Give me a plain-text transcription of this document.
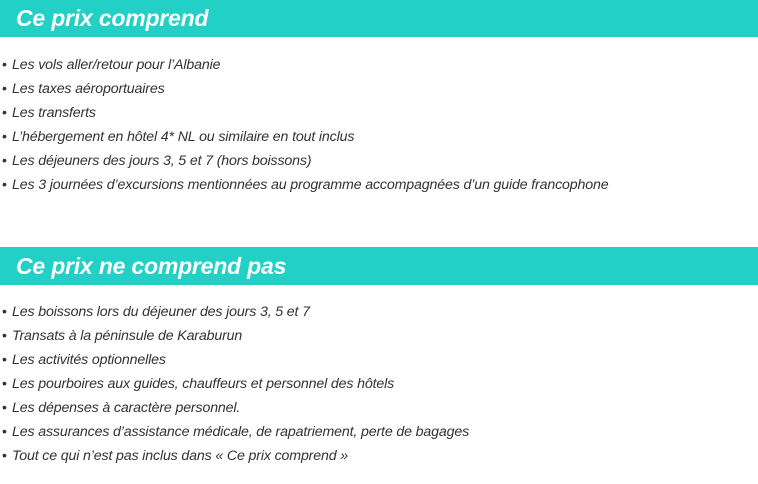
Ce prix comprend
• Les vols aller/retour pour l’Albanie
• Les taxes aéroportuaires
• Les transferts
• L’hébergement en hôtel 4* NL ou similaire en tout inclus
• Les déjeuners des jours 3, 5 et 7 (hors boissons)
• Les 3 journées d’excursions mentionnées au programme accompagnées d’un guide francophone
Ce prix ne comprend pas
• Les boissons lors du déjeuner des jours 3, 5 et 7
• Transats à la péninsule de Karaburun
• Les activités optionnelles
• Les pourboires aux guides, chauffeurs et personnel des hôtels
• Les dépenses à caractère personnel.
• Les assurances d’assistance médicale, de rapatriement, perte de bagages
• Tout ce qui n’est pas inclus dans « Ce prix comprend »
